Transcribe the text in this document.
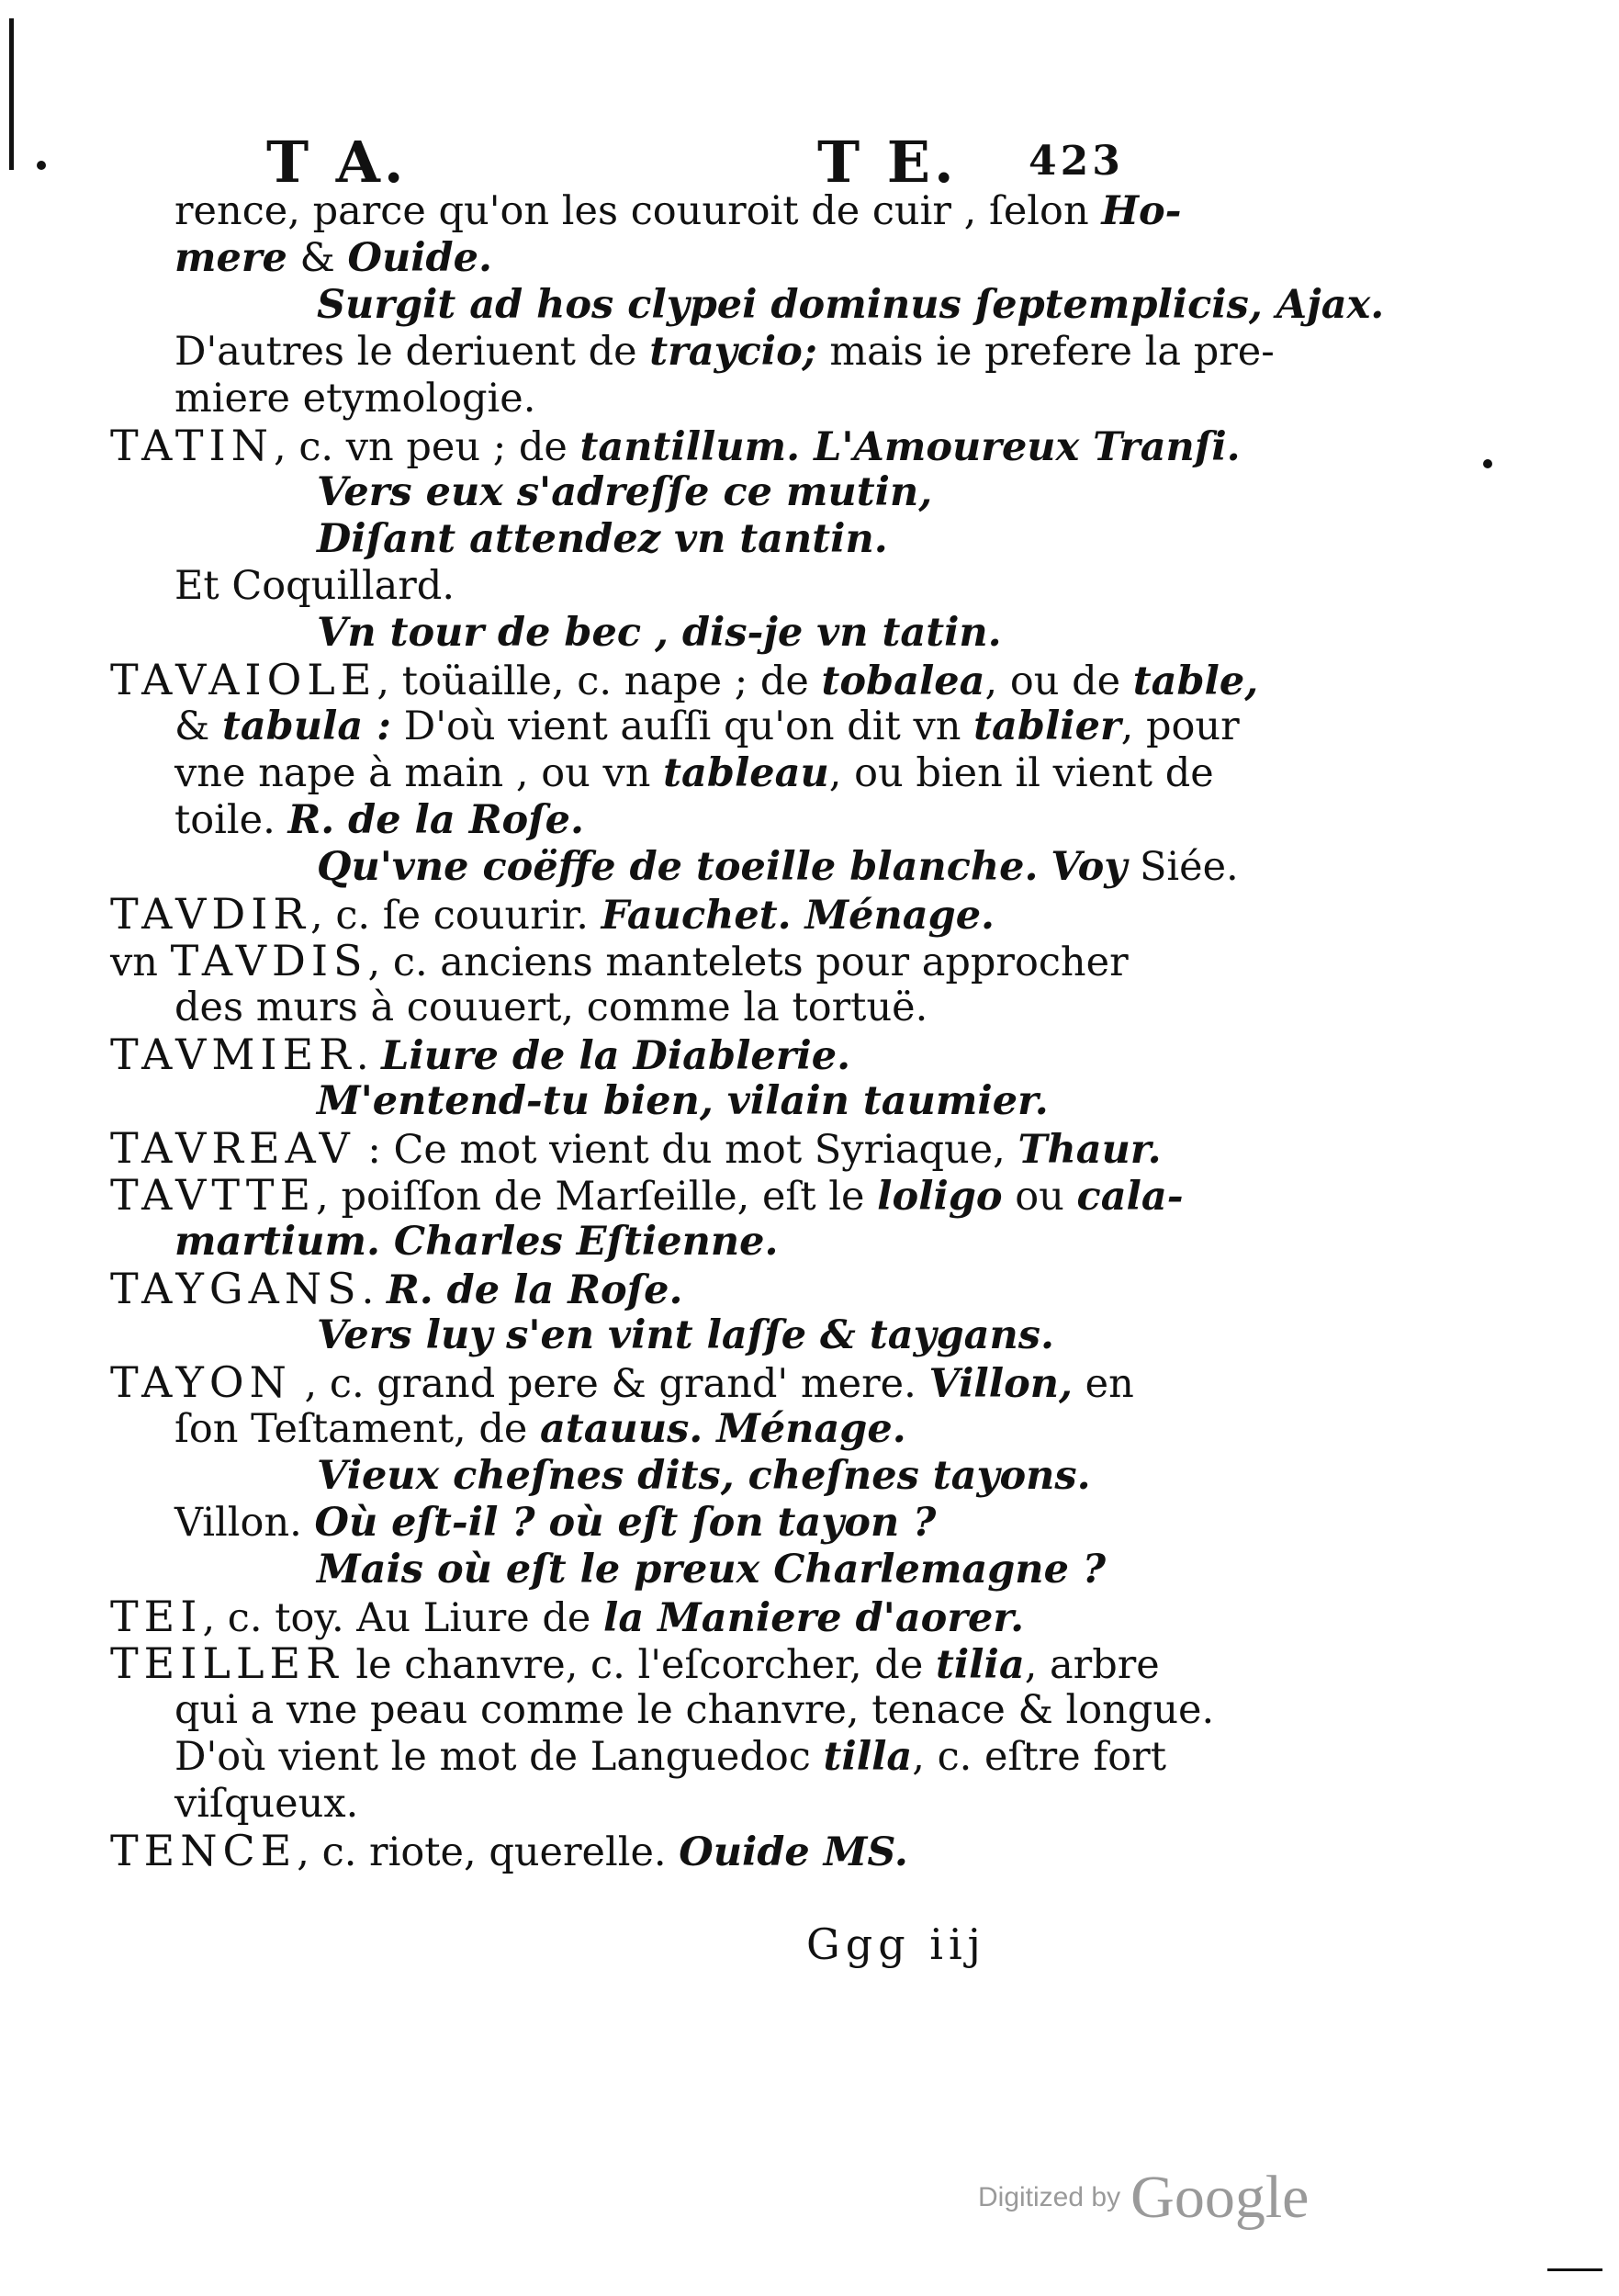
T A.	T E. 423
rence, parce qu'on les couuroit de cuir , ſelon Ho-
mere & Ouide.
Surgit ad hos clypei dominus ſeptemplicis, Ajax.
D'autres le deriuent de traycio; mais ie prefere la pre-
miere etymologie.
TATIN, c. vn peu ; de tantillum. L'Amoureux Tranſi.
Vers eux s'adreſſe ce mutin,
Diſant attendez vn tantin.
Et Coquillard.
Vn tour de bec , dis-je vn tatin.
TAVAIOLE, toüaille, c. nape ; de tobalea, ou de table,
& tabula : D'où vient auſſi qu'on dit vn tablier, pour
vne nape à main , ou vn tableau, ou bien il vient de
toile. R. de la Roſe.
Qu'vne coëffe de toeille blanche. Voy Siée.
TAVDIR, c. ſe couurir. Fauchet. Ménage.
vn TAVDIS, c. anciens mantelets pour approcher
des murs à couuert, comme la tortuë.
TAVMIER. Liure de la Diablerie.
M'entend-tu bien, vilain taumier.
TAVREAV : Ce mot vient du mot Syriaque, Thaur.
TAVTTE, poiſſon de Marſeille, eſt le loligo ou cala-
martium. Charles Eſtienne.
TAYGANS. R. de la Roſe.
Vers luy s'en vint laſſe & taygans.
TAYON , c. grand pere & grand' mere. Villon, en
ſon Teſtament, de atauus. Ménage.
Vieux cheſnes dits, cheſnes tayons.
Villon. Où eſt-il ? où eſt ſon tayon ?
Mais où eſt le preux Charlemagne ?
TEI, c. toy. Au Liure de la Maniere d'aorer.
TEILLER le chanvre, c. l'eſcorcher, de tilia, arbre
qui a vne peau comme le chanvre, tenace & longue.
D'où vient le mot de Languedoc tilla, c. eſtre fort
viſqueux.
TENCE, c. riote, querelle. Ouide MS.
Ggg iij
Digitized by Google
